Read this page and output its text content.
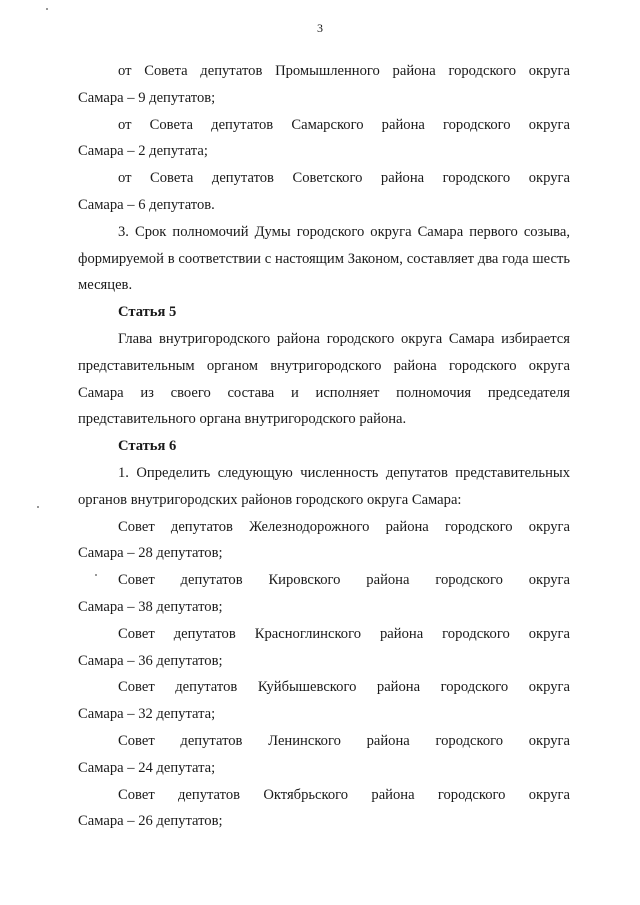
3

от Совета депутатов Промышленного района городского округа
Самара – 9 депутатов;

от Совета депутатов Самарского района городского округа
Самара – 2 депутата;

от Совета депутатов Советского района городского округа
Самара – 6 депутатов.

3. Срок полномочий Думы городского округа Самара первого созыва, формируемой в соответствии с настоящим Законом, составляет два года шесть месяцев.

Статья 5

Глава внутригородского района городского округа Самара избирается представительным органом внутригородского района городского округа Самара из своего состава и исполняет полномочия председателя представительного органа внутригородского района.

Статья 6

1. Определить следующую численность депутатов представительных органов внутригородских районов городского округа Самара:

Совет депутатов Железнодорожного района городского округа
Самара – 28 депутатов;

Совет депутатов Кировского района городского округа
Самара – 38 депутатов;

Совет депутатов Красноглинского района городского округа
Самара – 36 депутатов;

Совет депутатов Куйбышевского района городского округа
Самара – 32 депутата;

Совет депутатов Ленинского района городского округа
Самара – 24 депутата;

Совет депутатов Октябрьского района городского округа
Самара – 26 депутатов;
